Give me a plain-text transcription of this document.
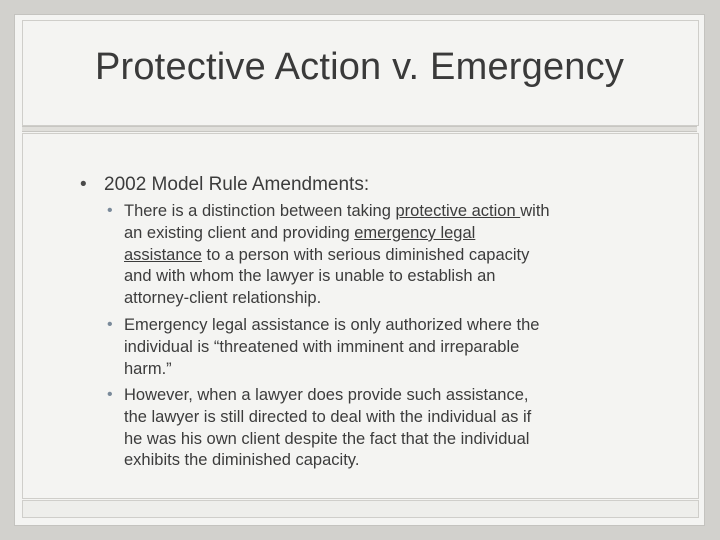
Protective Action v. Emergency
• 2002 Model Rule Amendments:
• There is a distinction between taking protective action with
an existing client and providing emergency legal
assistance to a person with serious diminished capacity
and with whom the lawyer is unable to establish an
attorney-client relationship.
• Emergency legal assistance is only authorized where the
individual is “threatened with imminent and irreparable
harm.”
• However, when a lawyer does provide such assistance,
the lawyer is still directed to deal with the individual as if
he was his own client despite the fact that the individual
exhibits the diminished capacity.
